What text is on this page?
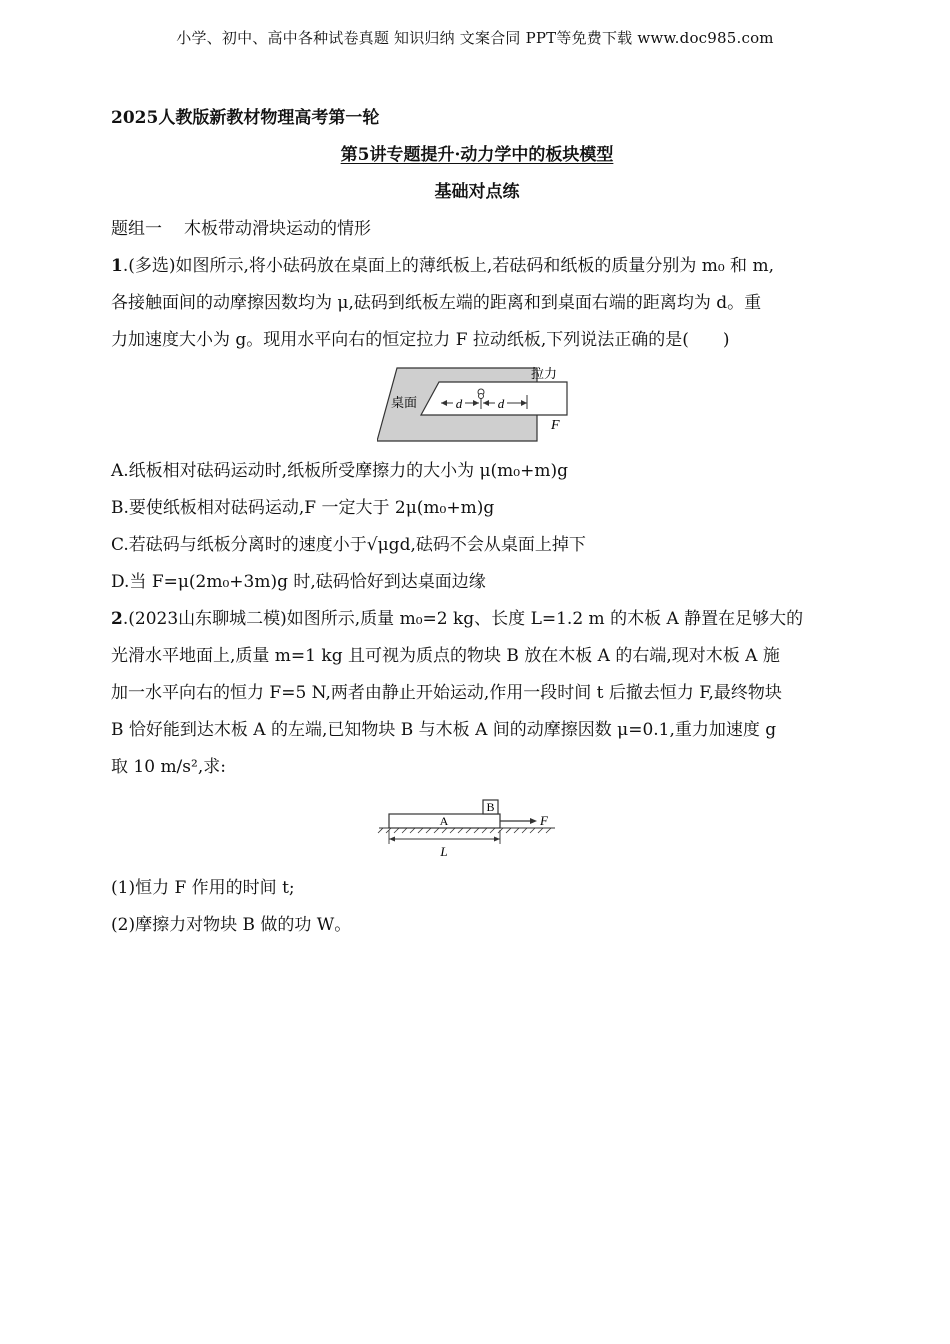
小学、初中、高中各种试卷真题 知识归纳 文案合同 PPT等免费下载 www.doc985.com
2025人教版新教材物理高考第一轮
第5讲专题提升·动力学中的板块模型
基础对点练
题组一 木板带动滑块运动的情形
1.(多选)如图所示,将小砝码放在桌面上的薄纸板上,若砝码和纸板的质量分别为 m₀ 和 m,
各接触面间的动摩擦因数均为 μ,砝码到纸板左端的距离和到桌面右端的距离均为 d。重
力加速度大小为 g。现用水平向右的恒定拉力 F 拉动纸板,下列说法正确的是(　　)
d	d
桌面
拉力
F
A.纸板相对砝码运动时,纸板所受摩擦力的大小为 μ(m₀+m)g
B.要使纸板相对砝码运动,F 一定大于 2μ(m₀+m)g
C.若砝码与纸板分离时的速度小于√μgd,砝码不会从桌面上掉下
D.当 F=μ(2m₀+3m)g 时,砝码恰好到达桌面边缘
2.(2023山东聊城二模)如图所示,质量 m₀=2 kg、长度 L=1.2 m 的木板 A 静置在足够大的
光滑水平地面上,质量 m=1 kg 且可视为质点的物块 B 放在木板 A 的右端,现对木板 A 施
加一水平向右的恒力 F=5 N,两者由静止开始运动,作用一段时间 t 后撤去恒力 F,最终物块
B 恰好能到达木板 A 的左端,已知物块 B 与木板 A 间的动摩擦因数 μ=0.1,重力加速度 g
取 10 m/s²,求:
A
B
F
L
(1)恒力 F 作用的时间 t;
(2)摩擦力对物块 B 做的功 W。
